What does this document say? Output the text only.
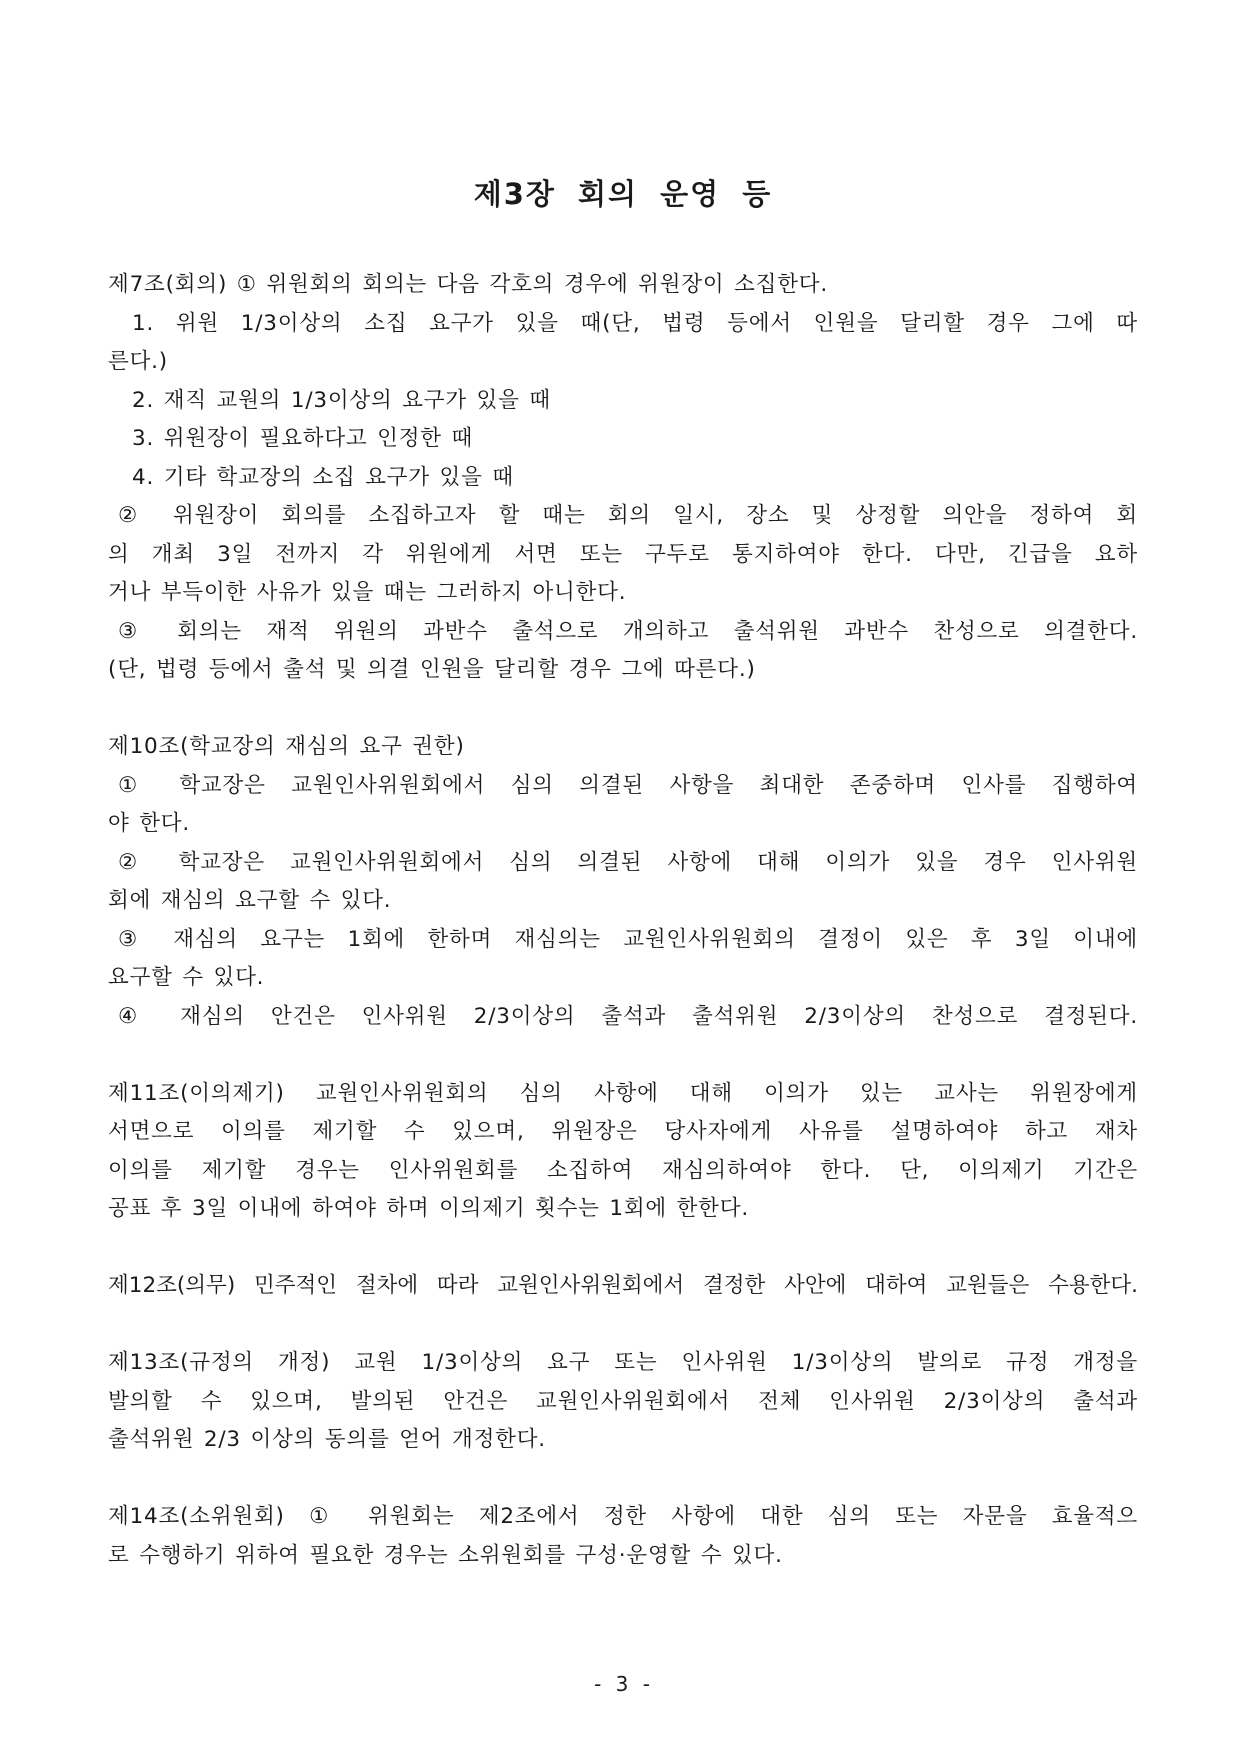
제3장 회의 운영 등
제7조(회의) ① 위원회의 회의는 다음 각호의 경우에 위원장이 소집한다.
1. 위원 1/3이상의 소집 요구가 있을 때(단, 법령 등에서 인원을 달리할 경우 그에 따
른다.)
2. 재직 교원의 1/3이상의 요구가 있을 때
3. 위원장이 필요하다고 인정한 때
4. 기타 학교장의 소집 요구가 있을 때
② 위원장이 회의를 소집하고자 할 때는 회의 일시, 장소 및 상정할 의안을 정하여 회
의 개최 3일 전까지 각 위원에게 서면 또는 구두로 통지하여야 한다. 다만, 긴급을 요하
거나 부득이한 사유가 있을 때는 그러하지 아니한다.
③ 회의는 재적 위원의 과반수 출석으로 개의하고 출석위원 과반수 찬성으로 의결한다.
(단, 법령 등에서 출석 및 의결 인원을 달리할 경우 그에 따른다.)
제10조(학교장의 재심의 요구 권한)
① 학교장은 교원인사위원회에서 심의 의결된 사항을 최대한 존중하며 인사를 집행하여
야 한다.
② 학교장은 교원인사위원회에서 심의 의결된 사항에 대해 이의가 있을 경우 인사위원
회에 재심의 요구할 수 있다.
③ 재심의 요구는 1회에 한하며 재심의는 교원인사위원회의 결정이 있은 후 3일 이내에
요구할 수 있다.
④ 재심의 안건은 인사위원 2/3이상의 출석과 출석위원 2/3이상의 찬성으로 결정된다.
제11조(이의제기) 교원인사위원회의 심의 사항에 대해 이의가 있는 교사는 위원장에게
서면으로 이의를 제기할 수 있으며, 위원장은 당사자에게 사유를 설명하여야 하고 재차
이의를 제기할 경우는 인사위원회를 소집하여 재심의하여야 한다. 단, 이의제기 기간은
공표 후 3일 이내에 하여야 하며 이의제기 횟수는 1회에 한한다.
제12조(의무) 민주적인 절차에 따라 교원인사위원회에서 결정한 사안에 대하여 교원들은 수용한다.
제13조(규정의 개정) 교원 1/3이상의 요구 또는 인사위원 1/3이상의 발의로 규정 개정을
발의할 수 있으며, 발의된 안건은 교원인사위원회에서 전체 인사위원 2/3이상의 출석과
출석위원 2/3 이상의 동의를 얻어 개정한다.
제14조(소위원회) ① 위원회는 제2조에서 정한 사항에 대한 심의 또는 자문을 효율적으
로 수행하기 위하여 필요한 경우는 소위원회를 구성·운영할 수 있다.
- 3 -
